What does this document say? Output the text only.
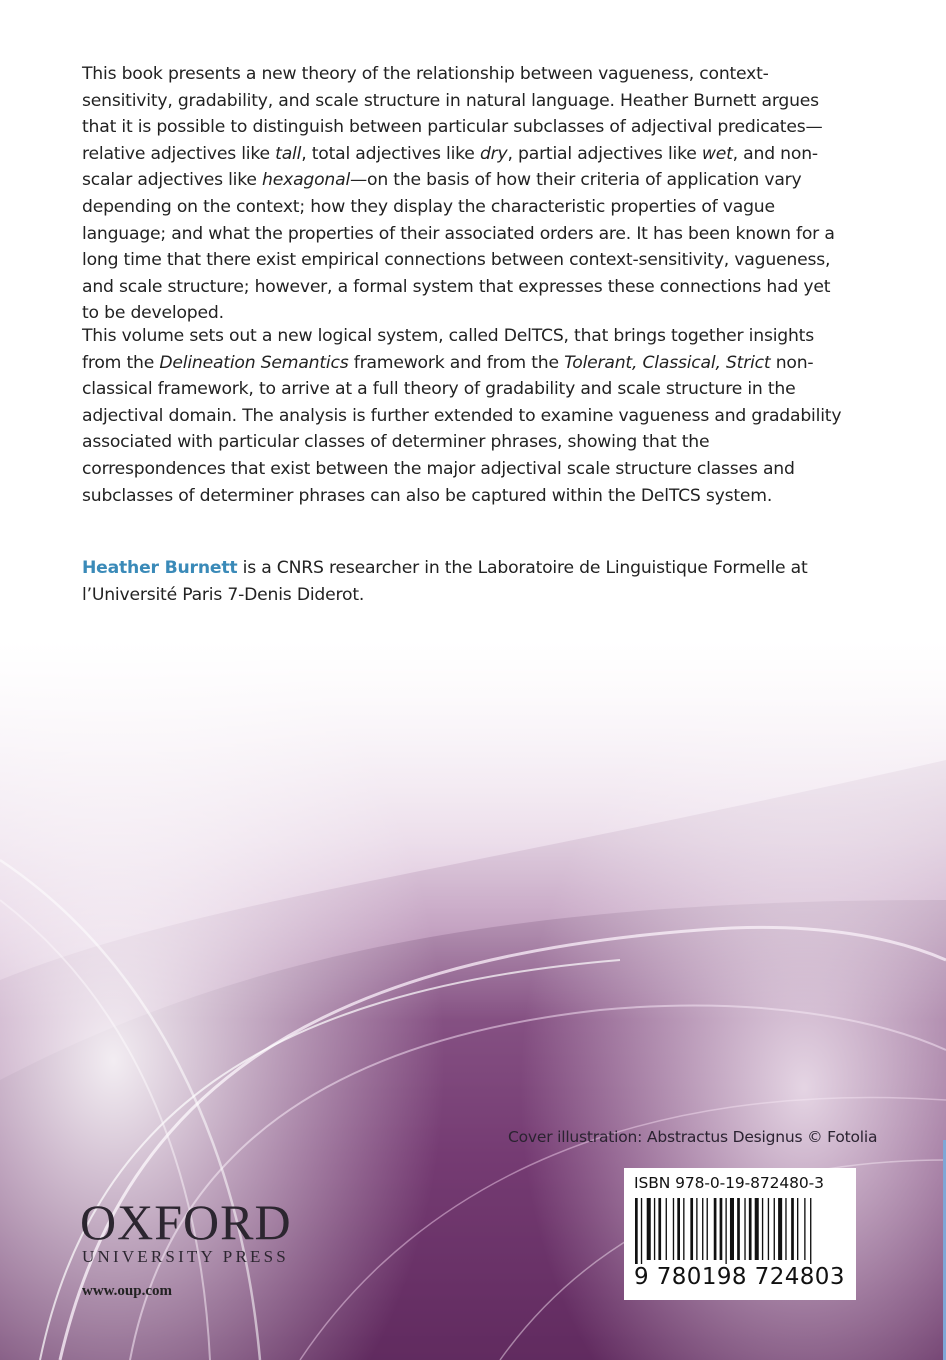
This book presents a new theory of the relationship between vagueness, context-sensitivity, gradability, and scale structure in natural language. Heather Burnett argues that it is possible to distinguish between particular subclasses of adjectival predicates—relative adjectives like tall, total adjectives like dry, partial adjectives like wet, and non-scalar adjectives like hexagonal—on the basis of how their criteria of application vary depending on the context; how they display the characteristic properties of vague language; and what the properties of their associated orders are. It has been known for a long time that there exist empirical connections between context-sensitivity, vagueness, and scale structure; however, a formal system that expresses these connections had yet to be developed.

This volume sets out a new logical system, called DelTCS, that brings together insights from the Delineation Semantics framework and from the Tolerant, Classical, Strict non-classical framework, to arrive at a full theory of gradability and scale structure in the adjectival domain. The analysis is further extended to examine vagueness and gradability associated with particular classes of determiner phrases, showing that the correspondences that exist between the major adjectival scale structure classes and subclasses of determiner phrases can also be captured within the DelTCS system.

Heather Burnett is a CNRS researcher in the Laboratoire de Linguistique Formelle at l’Université Paris 7-Denis Diderot.

Cover illustration: Abstractus Designus © Fotolia
OXFORD
UNIVERSITY PRESS
www.oup.com
ISBN 978-0-19-872480-3
9 780198 724803
